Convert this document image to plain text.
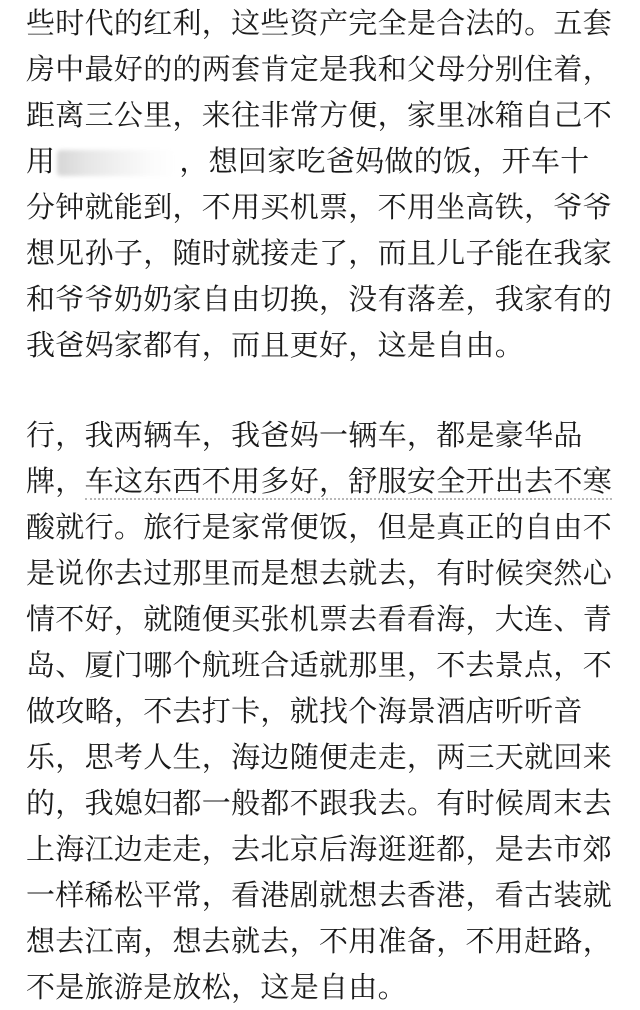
些时代的红利，这些资产完全是合法的。五套
房中最好的的两套肯定是我和父母分别住着，
距离三公里，来往非常方便，家里冰箱自己不
用	，想回家吃爸妈做的饭，开车十
分钟就能到，不用买机票，不用坐高铁，爷爷
想见孙子，随时就接走了，而且儿子能在我家
和爷爷奶奶家自由切换，没有落差，我家有的
我爸妈家都有，而且更好，这是自由。
行，我两辆车，我爸妈一辆车，都是豪华品
牌，车这东西不用多好，舒服安全开出去不寒
酸就行。旅行是家常便饭，但是真正的自由不
是说你去过那里而是想去就去，有时候突然心
情不好，就随便买张机票去看看海，大连、青
岛、厦门哪个航班合适就那里，不去景点，不
做攻略，不去打卡，就找个海景酒店听听音
乐，思考人生，海边随便走走，两三天就回来
的，我媳妇都一般都不跟我去。有时候周末去
上海江边走走，去北京后海逛逛都，是去市郊
一样稀松平常，看港剧就想去香港，看古装就
想去江南，想去就去，不用准备，不用赶路，
不是旅游是放松，这是自由。
